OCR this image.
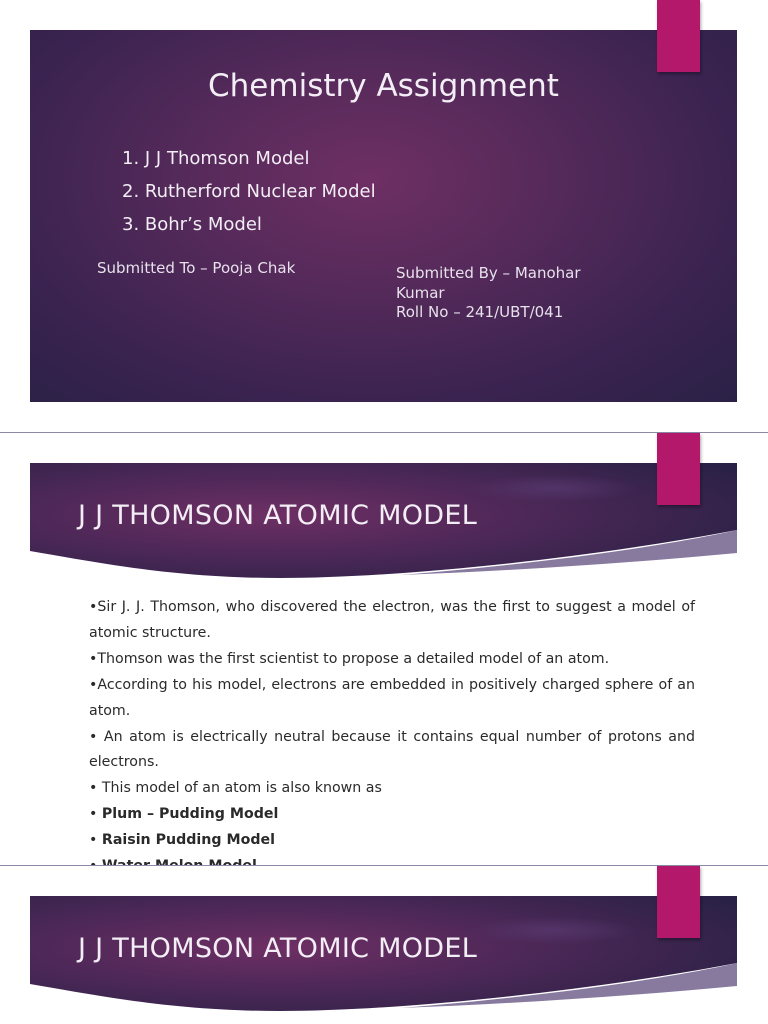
Chemistry Assignment
1. J J Thomson Model
2. Rutherford Nuclear Model
3. Bohr’s Model
Submitted To – Pooja Chak	Submitted By – Manohar
Kumar
Roll No – 241/UBT/041
J J THOMSON ATOMIC MODEL

•Sir J. J. Thomson, who discovered the electron, was the first to suggest a model of atomic structure.

•Thomson was the first scientist to propose a detailed model of an atom.

•According to his model, electrons are embedded in positively charged sphere of an atom.

• An atom is electrically neutral because it contains equal number of protons and electrons.

• This model of an atom is also known as

• Plum – Pudding Model

• Raisin Pudding Model

J J THOMSON ATOMIC MODEL
